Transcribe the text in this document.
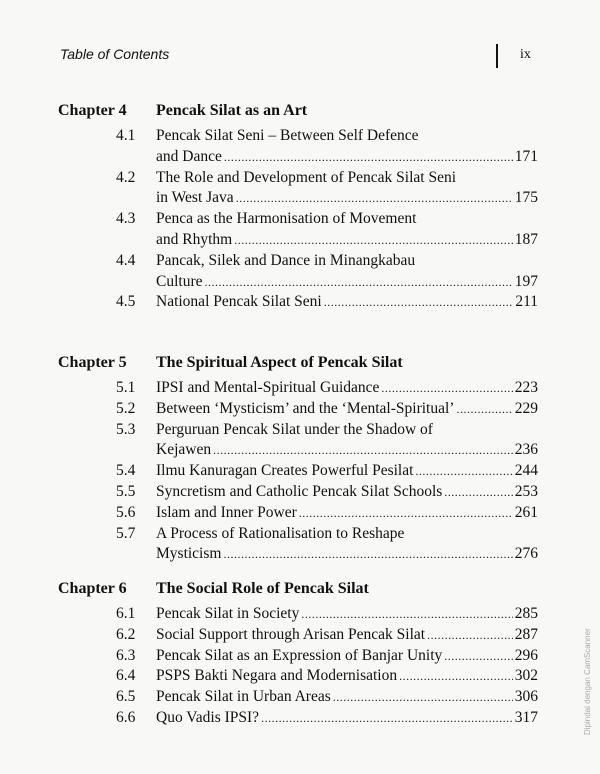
Table of Contents	ix
Chapter 4 Pencak Silat as an Art
4.1 Pencak Silat Seni – Between Self Defence
and Dance .....	171
4.2 The Role and Development of Pencak Silat Seni
in West Java .....	175
4.3 Penca as the Harmonisation of Movement
and Rhythm .....	187
4.4 Pancak, Silek and Dance in Minangkabau
Culture .....	197
4.5 National Pencak Silat Seni .....	211
Chapter 5 The Spiritual Aspect of Pencak Silat
5.1 IPSI and Mental-Spiritual Guidance .....	223
5.2 Between ‘Mysticism’ and the ‘Mental-Spiritual’ .....	229
5.3 Perguruan Pencak Silat under the Shadow of
Kejawen .....	236
5.4 Ilmu Kanuragan Creates Powerful Pesilat .....	244
5.5 Syncretism and Catholic Pencak Silat Schools .....	253
5.6 Islam and Inner Power .....	261
5.7 A Process of Rationalisation to Reshape
Mysticism .....	276
Chapter 6 The Social Role of Pencak Silat
6.1 Pencak Silat in Society .....	285
6.2 Social Support through Arisan Pencak Silat .....	287
6.3 Pencak Silat as an Expression of Banjar Unity .....	296
6.4 PSPS Bakti Negara and Modernisation .....	302
6.5 Pencak Silat in Urban Areas .....	306
6.6 Quo Vadis IPSI? .....	317	Dipindai dengan CamScanner
